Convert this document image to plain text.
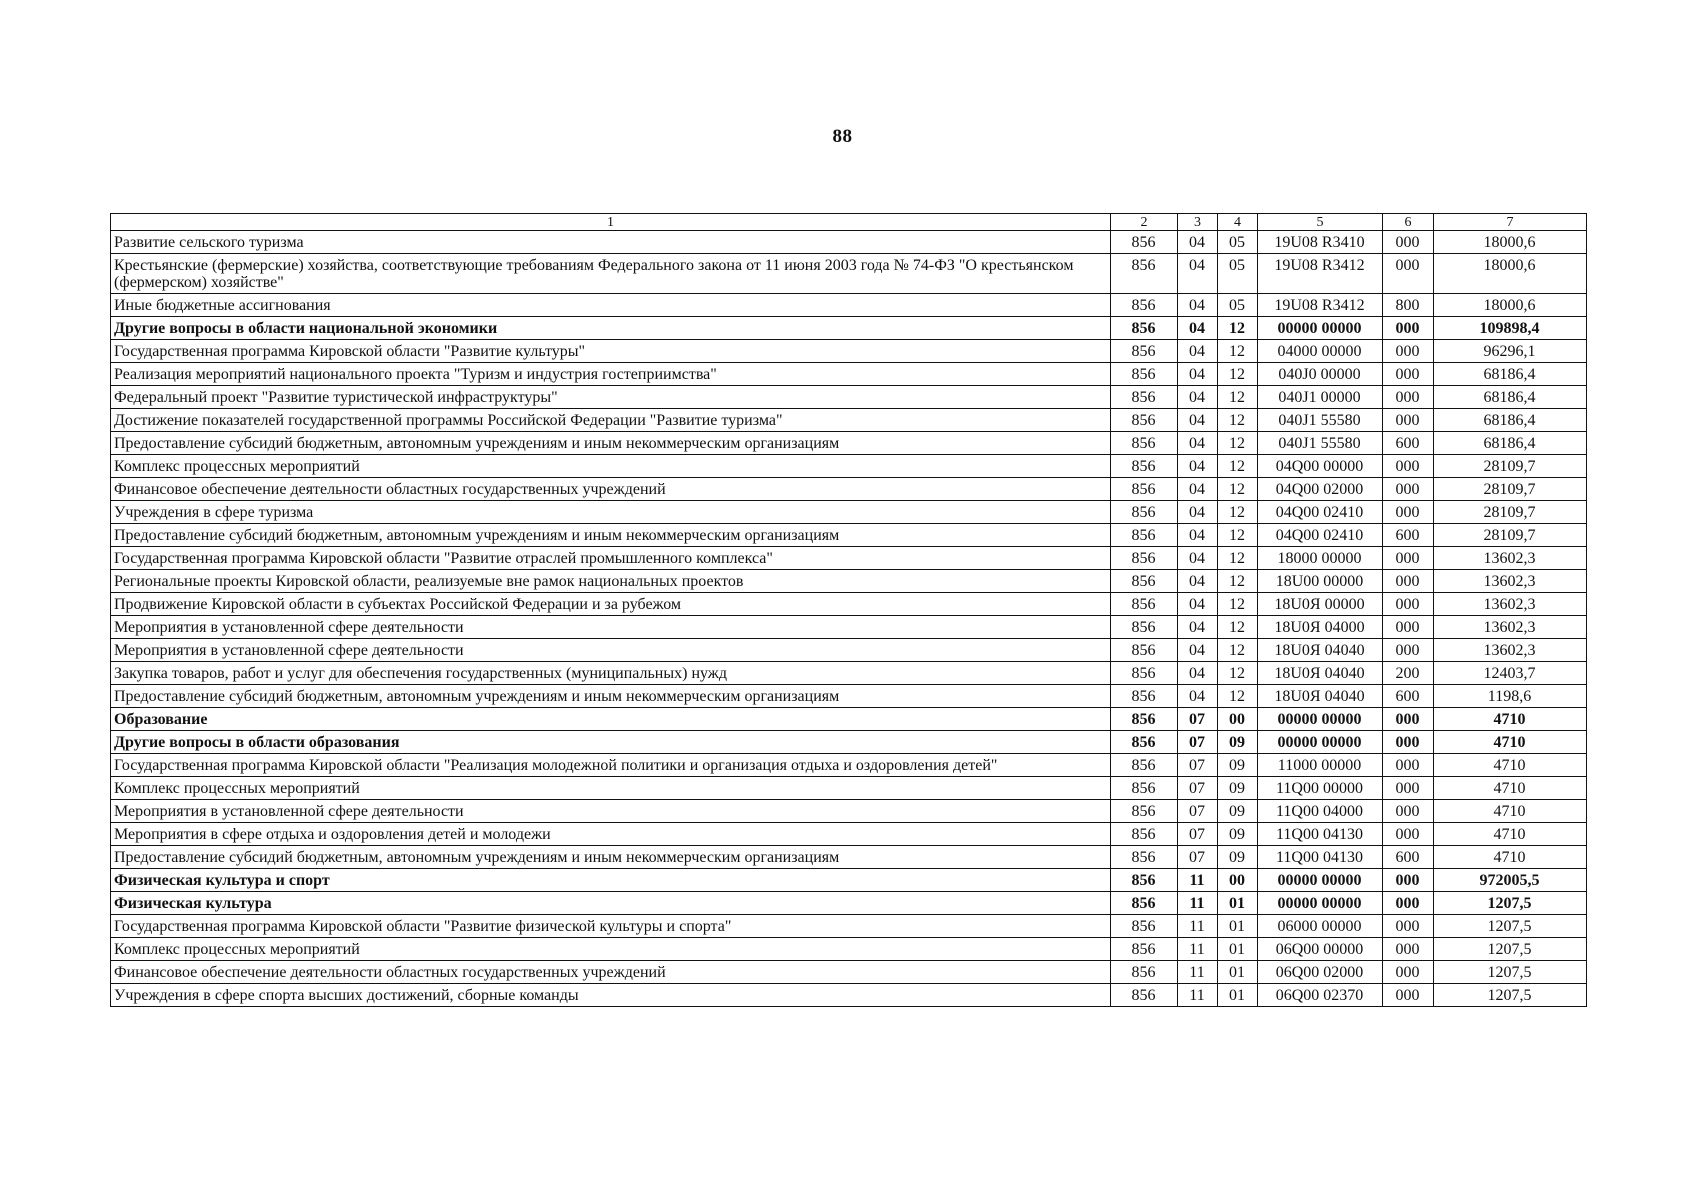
88
1	2	3	4	5	6	7
Развитие сельского туризма	856	04	05	19U08 R3410	000	18000,6
Крестьянские (фермерские) хозяйства, соответствующие требованиям Федерального закона от 11 июня 2003 года № 74-ФЗ "О крестьянском (фермерском) хозяйстве"	856	04	05	19U08 R3412	000	18000,6
Иные бюджетные ассигнования	856	04	05	19U08 R3412	800	18000,6
Другие вопросы в области национальной экономики	856	04	12	00000 00000	000	109898,4
Государственная программа Кировской области "Развитие культуры"	856	04	12	04000 00000	000	96296,1
Реализация мероприятий национального проекта "Туризм и индустрия гостеприимства"	856	04	12	040J0 00000	000	68186,4
Федеральный проект "Развитие туристической инфраструктуры"	856	04	12	040J1 00000	000	68186,4
Достижение показателей государственной программы Российской Федерации "Развитие туризма"	856	04	12	040J1 55580	000	68186,4
Предоставление субсидий бюджетным, автономным учреждениям и иным некоммерческим организациям	856	04	12	040J1 55580	600	68186,4
Комплекс процессных мероприятий	856	04	12	04Q00 00000	000	28109,7
Финансовое обеспечение деятельности областных государственных учреждений	856	04	12	04Q00 02000	000	28109,7
Учреждения в сфере туризма	856	04	12	04Q00 02410	000	28109,7
Предоставление субсидий бюджетным, автономным учреждениям и иным некоммерческим организациям	856	04	12	04Q00 02410	600	28109,7
Государственная программа Кировской области "Развитие отраслей промышленного комплекса"	856	04	12	18000 00000	000	13602,3
Региональные проекты Кировской области, реализуемые вне рамок национальных проектов	856	04	12	18U00 00000	000	13602,3
Продвижение Кировской области в субъектах Российской Федерации и за рубежом	856	04	12	18U0Я 00000	000	13602,3
Мероприятия в установленной сфере деятельности	856	04	12	18U0Я 04000	000	13602,3
Мероприятия в установленной сфере деятельности	856	04	12	18U0Я 04040	000	13602,3
Закупка товаров, работ и услуг для обеспечения государственных (муниципальных) нужд	856	04	12	18U0Я 04040	200	12403,7
Предоставление субсидий бюджетным, автономным учреждениям и иным некоммерческим организациям	856	04	12	18U0Я 04040	600	1198,6
Образование	856	07	00	00000 00000	000	4710
Другие вопросы в области образования	856	07	09	00000 00000	000	4710
Государственная программа Кировской области "Реализация молодежной политики и организация отдыха и оздоровления детей"	856	07	09	11000 00000	000	4710
Комплекс процессных мероприятий	856	07	09	11Q00 00000	000	4710
Мероприятия в установленной сфере деятельности	856	07	09	11Q00 04000	000	4710
Мероприятия в сфере отдыха и оздоровления детей и молодежи	856	07	09	11Q00 04130	000	4710
Предоставление субсидий бюджетным, автономным учреждениям и иным некоммерческим организациям	856	07	09	11Q00 04130	600	4710
Физическая культура и спорт	856	11	00	00000 00000	000	972005,5
Физическая культура	856	11	01	00000 00000	000	1207,5
Государственная программа Кировской области "Развитие физической культуры и спорта"	856	11	01	06000 00000	000	1207,5
Комплекс процессных мероприятий	856	11	01	06Q00 00000	000	1207,5
Финансовое обеспечение деятельности областных государственных учреждений	856	11	01	06Q00 02000	000	1207,5
Учреждения в сфере спорта высших достижений, сборные команды	856	11	01	06Q00 02370	000	1207,5
